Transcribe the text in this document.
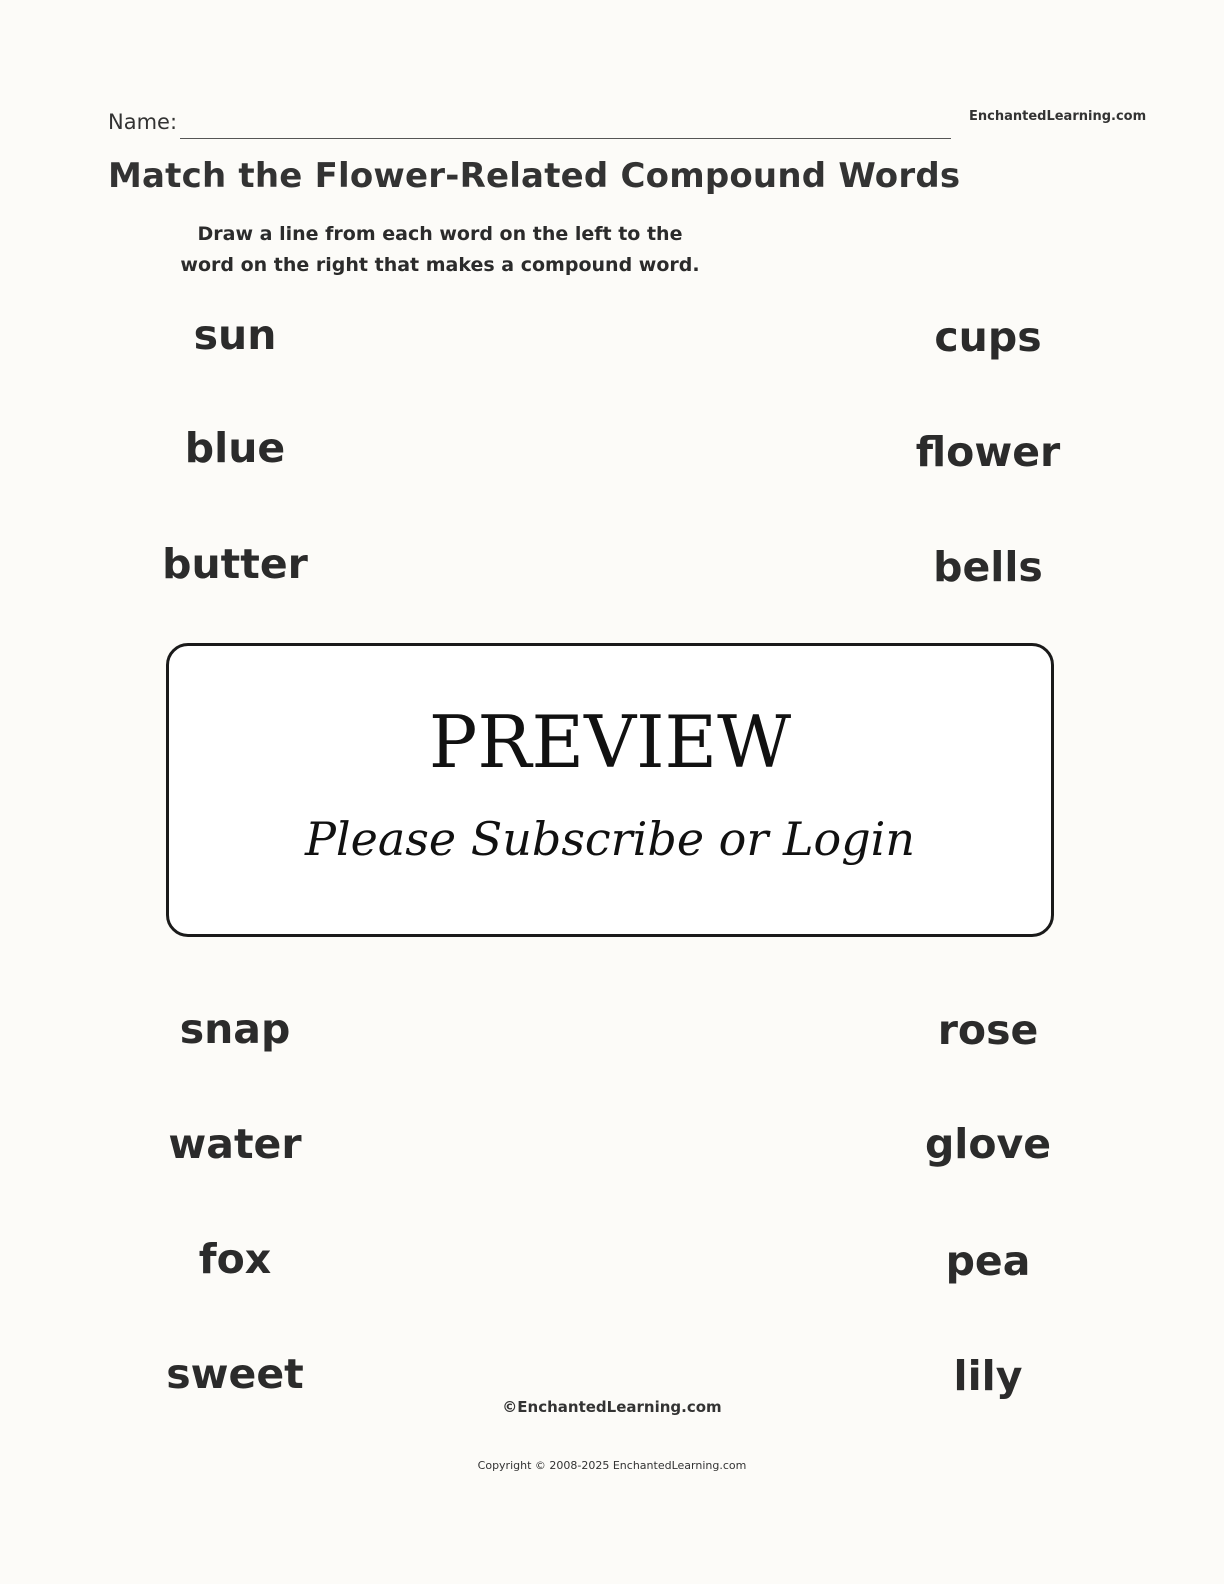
Name:	EnchantedLearning.com
Match the Flower-Related Compound Words
Draw a line from each word on the left to the
word on the right that makes a compound word.
sun
blue
butter
cups
flower
bells
PREVIEW
Please Subscribe or Login
snap
water
fox
sweet
rose
glove
pea
lily
©EnchantedLearning.com
Copyright © 2008-2025 EnchantedLearning.com
